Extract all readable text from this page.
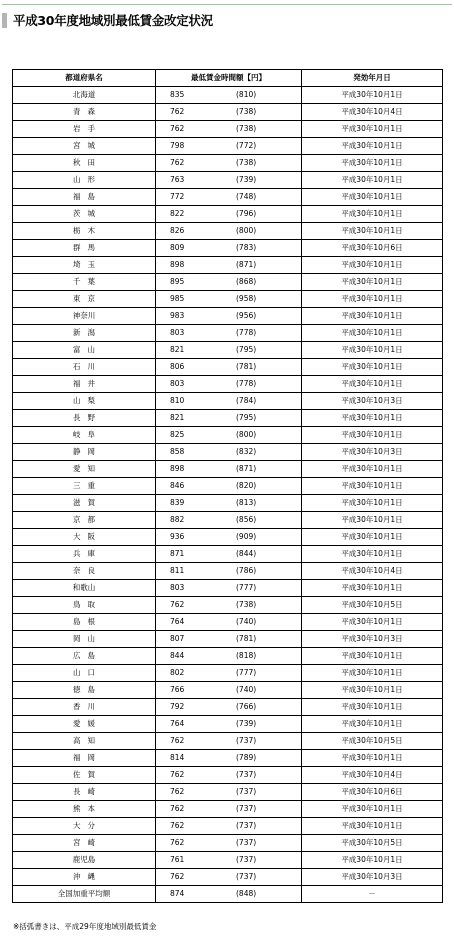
平成30年度地域別最低賃金改定状況
都道府県名	最低賃金時間額【円】	発効年月日
北海道	835 (810)	平成30年10月1日
青森	762 (738)	平成30年10月4日
岩手	762 (738)	平成30年10月1日
宮城	798 (772)	平成30年10月1日
秋田	762 (738)	平成30年10月1日
山形	763 (739)	平成30年10月1日
福島	772 (748)	平成30年10月1日
茨城	822 (796)	平成30年10月1日
栃木	826 (800)	平成30年10月1日
群馬	809 (783)	平成30年10月6日
埼玉	898 (871)	平成30年10月1日
千葉	895 (868)	平成30年10月1日
東京	985 (958)	平成30年10月1日
神奈川	983 (956)	平成30年10月1日
新潟	803 (778)	平成30年10月1日
富山	821 (795)	平成30年10月1日
石川	806 (781)	平成30年10月1日
福井	803 (778)	平成30年10月1日
山梨	810 (784)	平成30年10月3日
長野	821 (795)	平成30年10月1日
岐阜	825 (800)	平成30年10月1日
静岡	858 (832)	平成30年10月3日
愛知	898 (871)	平成30年10月1日
三重	846 (820)	平成30年10月1日
滋賀	839 (813)	平成30年10月1日
京都	882 (856)	平成30年10月1日
大阪	936 (909)	平成30年10月1日
兵庫	871 (844)	平成30年10月1日
奈良	811 (786)	平成30年10月4日
和歌山	803 (777)	平成30年10月1日
鳥取	762 (738)	平成30年10月5日
島根	764 (740)	平成30年10月1日
岡山	807 (781)	平成30年10月3日
広島	844 (818)	平成30年10月1日
山口	802 (777)	平成30年10月1日
徳島	766 (740)	平成30年10月1日
香川	792 (766)	平成30年10月1日
愛媛	764 (739)	平成30年10月1日
高知	762 (737)	平成30年10月5日
福岡	814 (789)	平成30年10月1日
佐賀	762 (737)	平成30年10月4日
長崎	762 (737)	平成30年10月6日
熊本	762 (737)	平成30年10月1日
大分	762 (737)	平成30年10月1日
宮崎	762 (737)	平成30年10月5日
鹿児島	761 (737)	平成30年10月1日
沖縄	762 (737)	平成30年10月3日
全国加重平均額	874 (848)	－
※括弧書きは、平成29年度地域別最低賃金
